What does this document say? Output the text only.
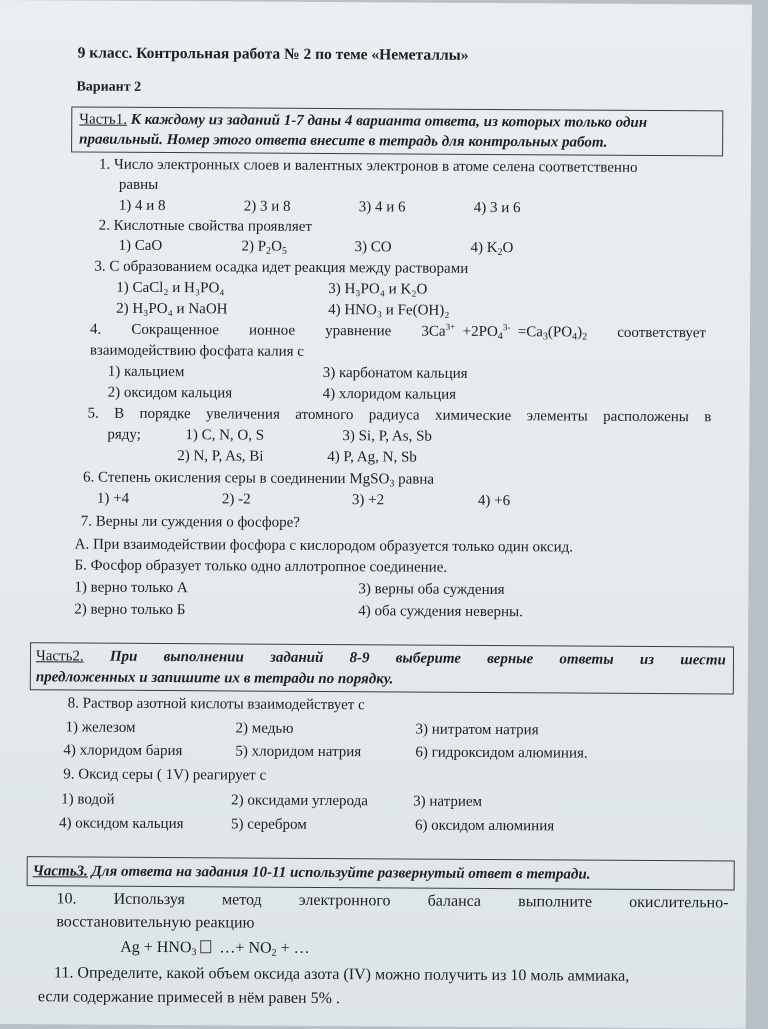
9 класс. Контрольная работа № 2 по теме «Неметаллы»
Вариант 2
Часть1. К каждому из заданий 1-7 даны 4 варианта ответа, из которых только один
правильный. Номер этого ответа внесите в тетрадь для контрольных работ.
1. Число электронных слоев и валентных электронов в атоме селена соответственно
равны
1) 4 и 8	2) 3 и 8	3) 4 и 6	4) 3 и 6
2. Кислотные свойства проявляет
1) CaO	2) $P_2O_5$	3) CO	4) $K_2O$
3. С образованием осадка идет реакция между растворами
1) CaCl₂ и H₃PO₄	3) H₃PO₄ и K₂O
2) H₃PO₄ и NaOH	4) HNO₃ и Fe(OH)₂
4. Сокращенное ионное уравнение $3Ca^{3+} +2PO_4^{3-} =Ca_3(PO_4)_2$ соответствует
взаимодействию фосфата калия с
1) кальцием	3) карбонатом кальция
2) оксидом кальция	4) хлоридом кальция
5. В порядке увеличения атомного радиуса химические элементы расположены в
ряду;	1) C, N, O, S	3) Si, P, As, Sb
2) N, P, As, Bi	4) P, Ag, N, Sb
6. Степень окисления серы в соединении MgSO$_3$ равна
1) +4	2) -2	3) +2	4) +6
7. Верны ли суждения о фосфоре?
А. При взаимодействии фосфора с кислородом образуется только один оксид.
Б. Фосфор образует только одно аллотропное соединение.
1) верно только А	3) верны оба суждения
2) верно только Б	4) оба суждения неверны.
Часть2. При выполнении заданий 8-9 выберите верные ответы из шести
предложенных и запишите их в тетради по порядку.
8. Раствор азотной кислоты взаимодействует с
1) железом	2) медью	3) нитратом натрия
4) хлоридом бария	5) хлоридом натрия	6) гидроксидом алюминия.
9. Оксид серы ( 1V) реагирует с
1) водой	2) оксидами углерода	3) натрием
4) оксидом кальция	5) серебром	6) оксидом алюминия
Часть3. Для ответа на задания 10-11 используйте развернутый ответ в тетради.
10. Используя метод электронного баланса выполните окислительно-
восстановительную реакцию
$Ag + HNO_3$ …+ $NO_2$ + …
11. Определите, какой объем оксида азота (IV) можно получить из 10 моль аммиака,
если содержание примесей в нём равен 5% .
